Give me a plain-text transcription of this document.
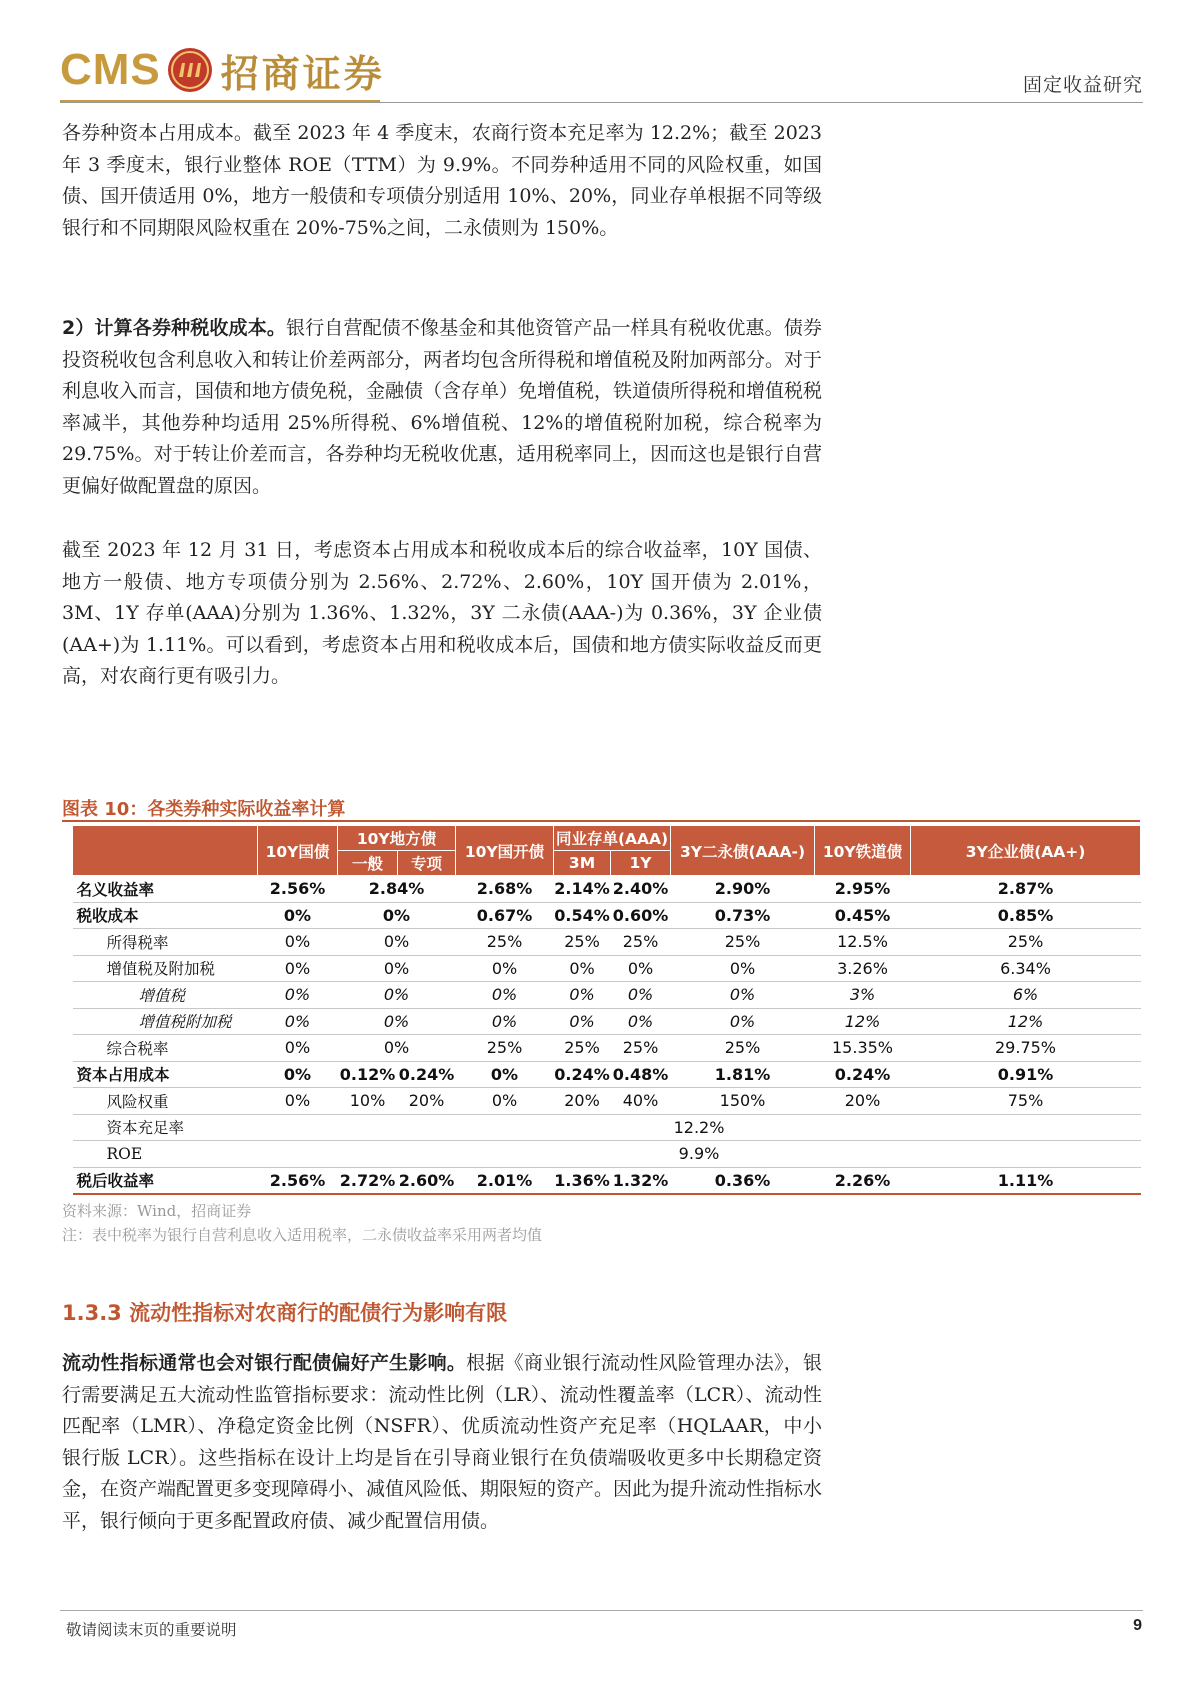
CMS 招商证券	固定收益研究

各券种资本占用成本。截至 2023 年 4 季度末，农商行资本充足率为 12.2%；截至 2023 年 3 季度末，银行业整体 ROE（TTM）为 9.9%。不同券种适用不同的风险权重，如国债、国开债适用 0%，地方一般债和专项债分别适用 10%、20%，同业存单根据不同等级银行和不同期限风险权重在 20%-75%之间，二永债则为 150%。

2）计算各券种税收成本。银行自营配债不像基金和其他资管产品一样具有税收优惠。债券投资税收包含利息收入和转让价差两部分，两者均包含所得税和增值税及附加两部分。对于利息收入而言，国债和地方债免税，金融债（含存单）免增值税，铁道债所得税和增值税税率减半，其他券种均适用 25%所得税、6%增值税、12%的增值税附加税，综合税率为 29.75%。对于转让价差而言，各券种均无税收优惠，适用税率同上，因而这也是银行自营更偏好做配置盘的原因。

截至 2023 年 12 月 31 日，考虑资本占用成本和税收成本后的综合收益率，10Y 国债、地方一般债、地方专项债分别为 2.56%、2.72%、2.60%，10Y 国开债为 2.01%，3M、1Y 存单(AAA)分别为 1.36%、1.32%，3Y 二永债(AAA-)为 0.36%，3Y 企业债(AA+)为 1.11%。可以看到，考虑资本占用和税收成本后，国债和地方债实际收益反而更高，对农商行更有吸引力。

图表 10：各类券种实际收益率计算
	10Y国债	10Y地方债		10Y国开债	同业存单(AAA)		3Y二永债(AAA-)	10Y铁道债	3Y企业债(AA+)
		一般	专项		3M	1Y			
名义收益率	2.56%	2.84%		2.68%	2.14%	2.40%	2.90%	2.95%	2.87%
税收成本	0%	0%		0.67%	0.54%	0.60%	0.73%	0.45%	0.85%
所得税率	0%	0%		25%	25%	25%	25%	12.5%	25%
增值税及附加税	0%	0%		0%	0%	0%	0%	3.26%	6.34%
增值税	0%	0%		0%	0%	0%	0%	3%	6%
增值税附加税	0%	0%		0%	0%	0%	0%	12%	12%
综合税率	0%	0%		25%	25%	25%	25%	15.35%	29.75%
资本占用成本	0%	0.12%	0.24%	0%	0.24%	0.48%	1.81%	0.24%	0.91%
风险权重	0%	10%	20%	0%	20%	40%	150%	20%	75%
资本充足率	12.2%								
ROE	9.9%								
税后收益率	2.56%	2.72%	2.60%	2.01%	1.36%	1.32%	0.36%	2.26%	1.11%
资料来源：Wind，招商证券
注：表中税率为银行自营利息收入适用税率，二永债收益率采用两者均值
1.3.3 流动性指标对农商行的配债行为影响有限

流动性指标通常也会对银行配债偏好产生影响。根据《商业银行流动性风险管理办法》，银行需要满足五大流动性监管指标要求：流动性比例（LR）、流动性覆盖率（LCR）、流动性匹配率（LMR）、净稳定资金比例（NSFR）、优质流动性资产充足率（HQLAAR，中小银行版 LCR）。这些指标在设计上均是旨在引导商业银行在负债端吸收更多中长期稳定资金，在资产端配置更多变现障碍小、减值风险低、期限短的资产。因此为提升流动性指标水平，银行倾向于更多配置政府债、减少配置信用债。

敬请阅读末页的重要说明	9
